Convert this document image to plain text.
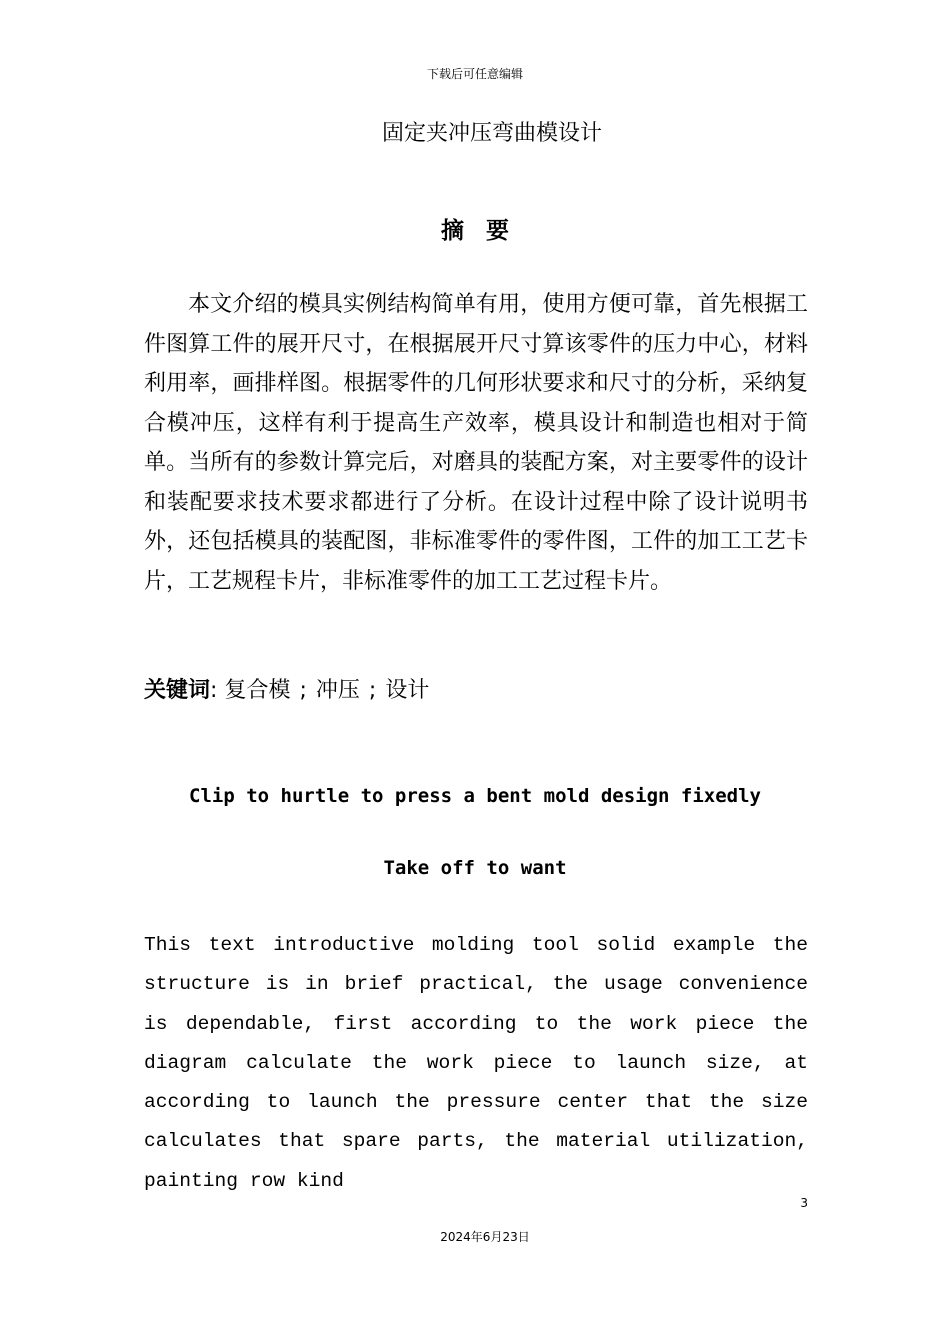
下载后可任意编辑
固定夹冲压弯曲模设计
摘要

本文介绍的模具实例结构简单有用，使用方便可靠，首先根据工件图算工件的展开尺寸，在根据展开尺寸算该零件的压力中心，材料利用率，画排样图。根据零件的几何形状要求和尺寸的分析，采纳复合模冲压，这样有利于提高生产效率，模具设计和制造也相对于简单。当所有的参数计算完后，对磨具的装配方案，对主要零件的设计和装配要求技术要求都进行了分析。在设计过程中除了设计说明书外，还包括模具的装配图，非标准零件的零件图，工件的加工工艺卡片，工艺规程卡片，非标准零件的加工工艺过程卡片。

关键词: 复合模 ; 冲压 ; 设计
Clip to hurtle to press a bent mold design fixedly
Take off to want

This text introductive molding tool solid example the structure is in brief practical, the usage convenience is dependable, first according to the work piece the diagram calculate the work piece to launch size, at according to launch the pressure center that the size calculates that spare parts, the material utilization, painting row kind

3
2024年6月23日
